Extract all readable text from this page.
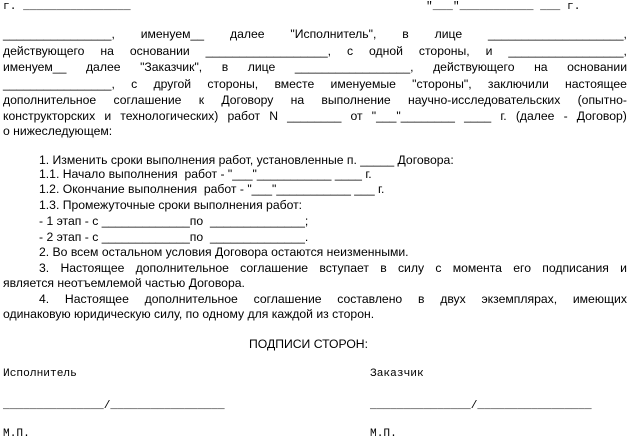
г. ________________	"___"___________ ___ г.
________________, именуем__ далее "Исполнитель", в лице ____________________,
действующего на основании __________________, с одной стороны, и _________________,
именуем__ далее "Заказчик", в лице _________________, действующего на основании
________________, с другой стороны, вместе именуемые "стороны", заключили настоящее
дополнительное соглашение к Договору на выполнение научно-исследовательских (опытно-
конструкторских и технологических) работ N ________ от "___"________ ____ г. (далее - Договор)
о нижеследующем:
1. Изменить сроки выполнения работ, установленные п. _____ Договора:
1.1. Начало выполнения  работ - "___"___________ ____ г.
1.2. Окончание выполнения  работ - "___"___________ ___ г.
1.3. Промежуточные сроки выполнения работ:
- 1 этап - с _____________по  ______________;
- 2 этап - с _____________по  ______________.
2. Во всем остальном условия Договора остаются неизменными.
3. Настоящее дополнительное соглашение вступает в силу с момента его подписания и
является неотъемлемой частью Договора.
4. Настоящее дополнительное соглашение составлено в двух экземплярах, имеющих
одинаковую юридическую силу, по одному для каждой из сторон.
ПОДПИСИ СТОРОН:
Исполнитель	Заказчик
_______________/_________________	_______________/_________________
М.П.	М.П.
